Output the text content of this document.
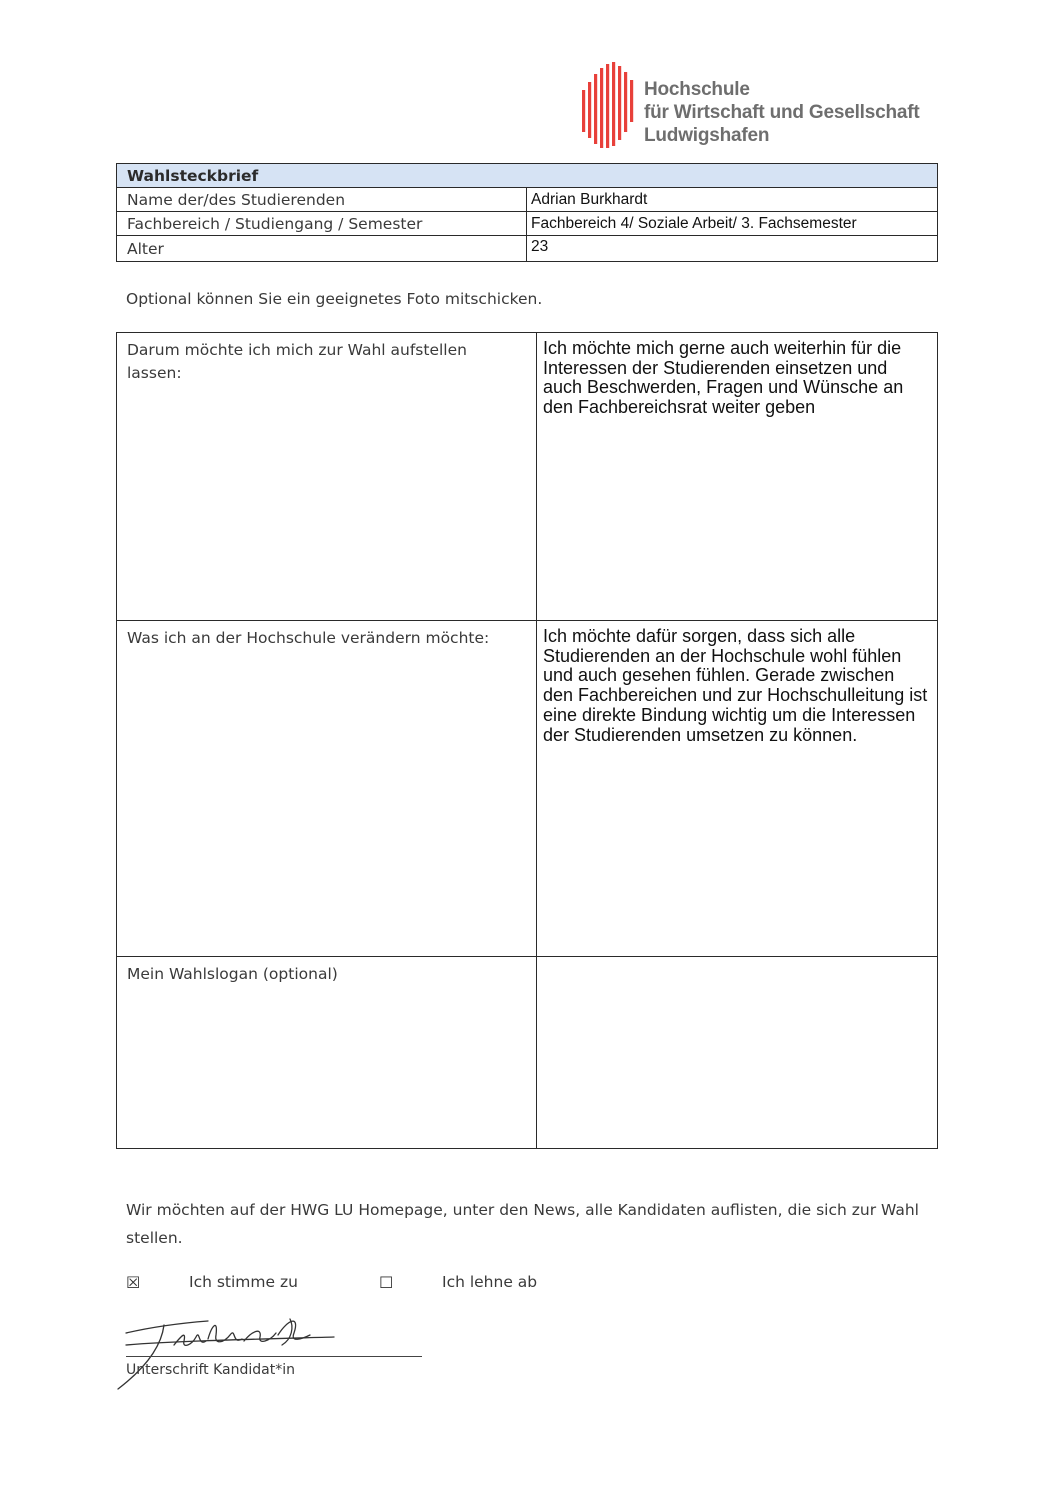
Hochschule
für Wirtschaft und Gesellschaft
Ludwigshafen
Wahlsteckbrief	
Name der/des Studierenden	Adrian Burkhardt
Fachbereich / Studiengang / Semester	Fachbereich 4/ Soziale Arbeit/ 3. Fachsemester
Alter	23
Optional können Sie ein geeignetes Foto mitschicken.
Darum möchte ich mich zur Wahl aufstellen lassen:	Ich möchte mich gerne auch weiterhin für die Interessen der Studierenden einsetzen und auch Beschwerden, Fragen und Wünsche an den Fachbereichsrat weiter geben
Was ich an der Hochschule verändern möchte:	Ich möchte dafür sorgen, dass sich alle Studierenden an der Hochschule wohl fühlen und auch gesehen fühlen. Gerade zwischen den Fachbereichen und zur Hochschulleitung ist eine direkte Bindung wichtig um die Interessen der Studierenden umsetzen zu können.
Mein Wahlslogan (optional)	
Wir möchten auf der HWG LU Homepage, unter den News, alle Kandidaten auflisten, die sich zur Wahl stellen.
☒	Ich stimme zu	☐	Ich lehne ab
Unterschrift Kandidat*in
